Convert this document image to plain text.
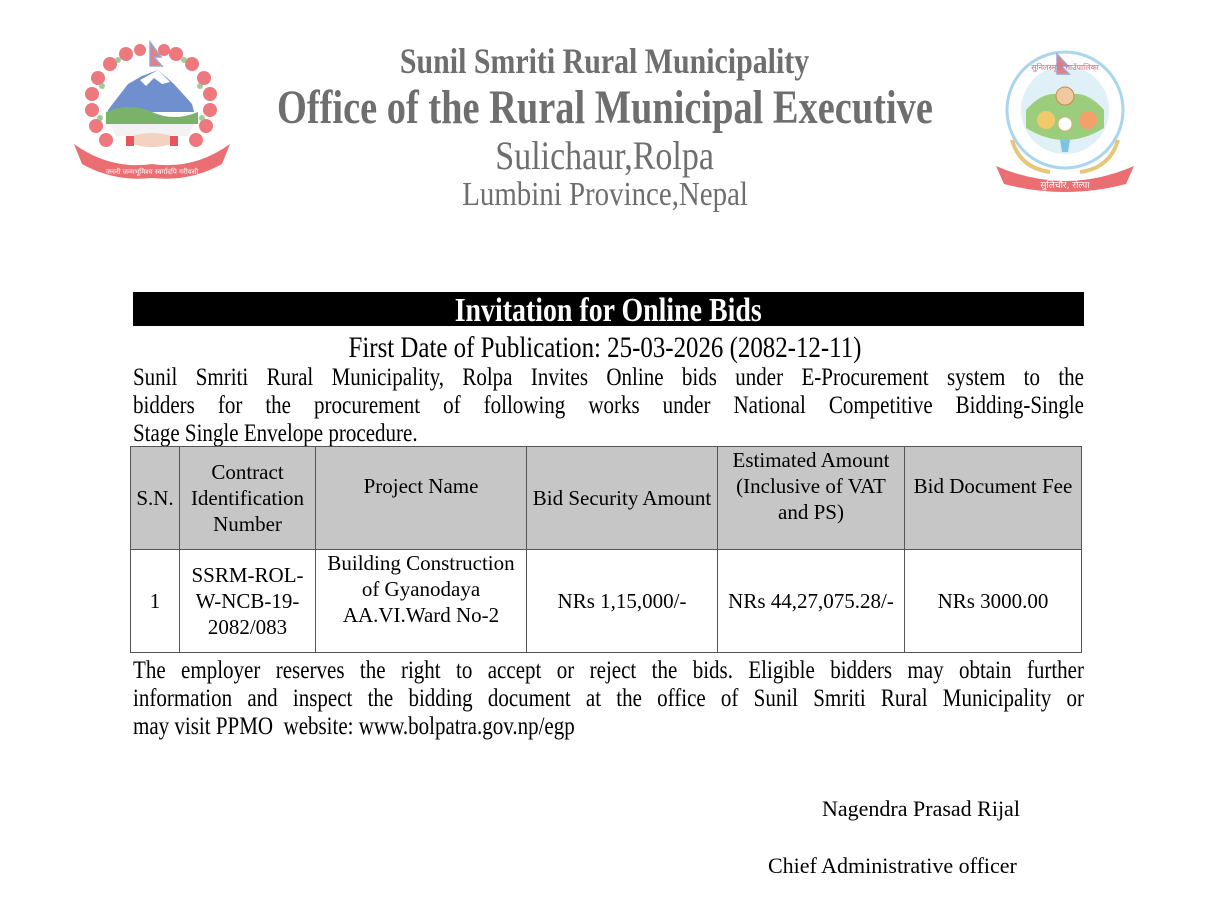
जननी जन्मभूमिश्च स्वर्गादपि गरीयसी
सुलिचौर, रोल्पा
सुनिलस्मृति गाउँपालिका
Sunil Smriti Rural Municipality
Office of the Rural Municipal Executive
Sulichaur,Rolpa
Lumbini Province,Nepal
Invitation for Online Bids
First Date of Publication: 25-03-2026 (2082-12-11)
Sunil Smriti Rural Municipality, Rolpa Invites Online bids under E-Procurement system to the
bidders for the procurement of following works under National Competitive Bidding-Single
Stage Single Envelope procedure.
S.N.	Contract Identification Number	Project Name	Bid Security Amount	Estimated Amount (Inclusive of VAT and PS)	Bid Document Fee
1	SSRM-ROL-
W-NCB-19-
2082/083	Building Construction of Gyanodaya AA.VI.Ward No-2	NRs 1,15,000/-	NRs 44,27,075.28/-	NRs 3000.00
The employer reserves the right to accept or reject the bids. Eligible bidders may obtain further
information and inspect the bidding document at the office of Sunil Smriti Rural Municipality or
may visit PPMO  website: www.bolpatra.gov.np/egp
Nagendra Prasad Rijal
Chief Administrative officer
